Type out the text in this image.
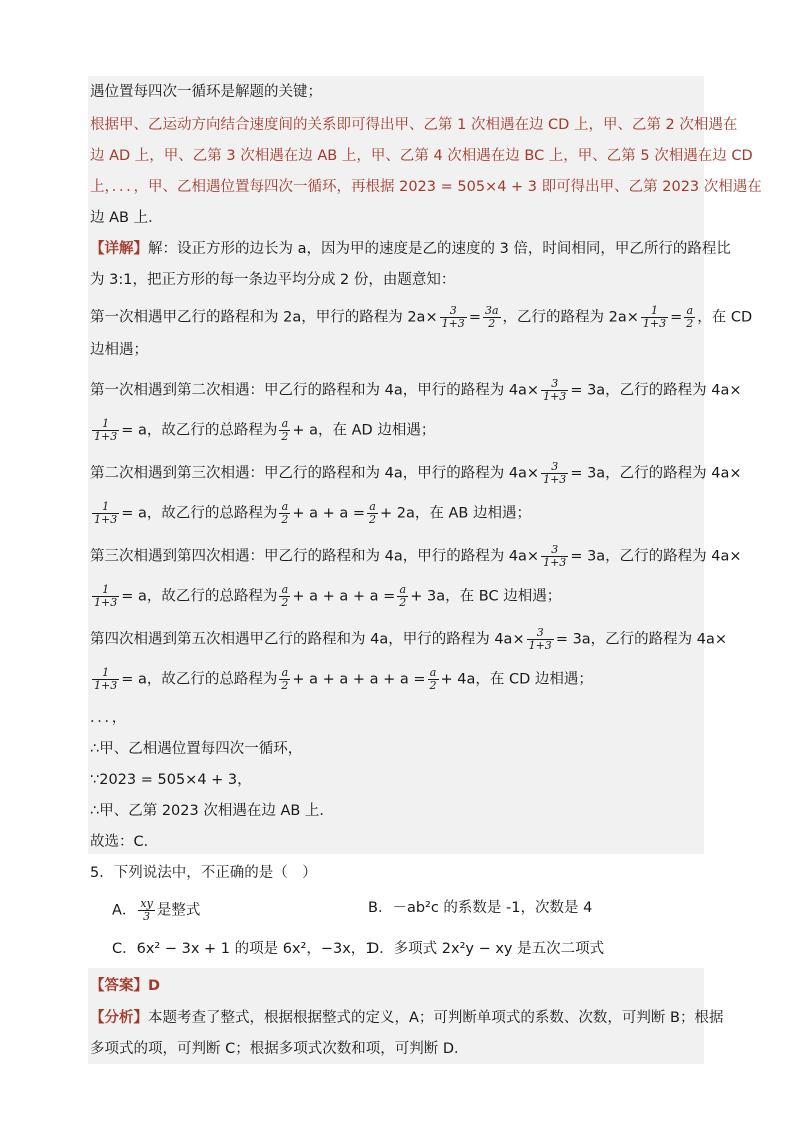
遇位置每四次一循环是解题的关键；
根据甲、乙运动方向结合速度间的关系即可得出甲、乙第 1 次相遇在边 CD 上，甲、乙第 2 次相遇在
边 AD 上，甲、乙第 3 次相遇在边 AB 上，甲、乙第 4 次相遇在边 BC 上，甲、乙第 5 次相遇在边 CD
上，．．．，甲、乙相遇位置每四次一循环，再根据 2023 = 505×4 + 3 即可得出甲、乙第 2023 次相遇在
边 AB 上．
【详解】解：设正方形的边长为 a，因为甲的速度是乙的速度的 3 倍，时间相同，甲乙所行的路程比
为 3:1，把正方形的每一条边平均分成 2 份，由题意知：
第一次相遇甲乙行的路程和为 2a，甲行的路程为 $2a\times \frac{3}{1+3} = \frac{3a}{2}$ ，乙行的路程为 $2a\times \frac{1}{1+3} = \frac{a}{2}$ ，在 CD
边相遇；
第一次相遇到第二次相遇：甲乙行的路程和为 4a，甲行的路程为 $4a\times \frac{3}{1+3} = 3a$，乙行的路程为 4a×
$\frac{1}{1+3} = a$，故乙行的总路程为 $\frac{a}{2} + a$，在 AD 边相遇；
第二次相遇到第三次相遇：甲乙行的路程和为 4a，甲行的路程为 $4a\times \frac{3}{1+3} = 3a$，乙行的路程为 4a×
$\frac{1}{1+3} = a$，故乙行的总路程为 $\frac{a}{2} + a + a = \frac{a}{2} + 2a$，在 AB 边相遇；
第三次相遇到第四次相遇：甲乙行的路程和为 4a，甲行的路程为 $4a\times \frac{3}{1+3} = 3a$，乙行的路程为 4a×
$\frac{1}{1+3} = a$，故乙行的总路程为 $\frac{a}{2} + a + a + a = \frac{a}{2} + 3a$，在 BC 边相遇；
第四次相遇到第五次相遇甲乙行的路程和为 4a，甲行的路程为 $4a\times \frac{3}{1+3} = 3a$，乙行的路程为 4a×
$\frac{1}{1+3} = a$，故乙行的总路程为 $\frac{a}{2} + a + a + a + a = \frac{a}{2} + 4a$，在 CD 边相遇；
．．．，
∴甲、乙相遇位置每四次一循环，
∵2023 = 505×4 + 3，
∴甲、乙第 2023 次相遇在边 AB 上．
故选：C．
5．下列说法中，不正确的是（　）
A． $\frac{xy}{3}$ 是整式	B．－ab²c 的系数是 -1，次数是 4
C．6x² − 3x + 1 的项是 6x²，−3x，1
D．多项式 2x²y − xy 是五次二项式
【答案】D
【分析】本题考查了整式，根据根据整式的定义，A；可判断单项式的系数、次数，可判断 B；根据
多项式的项，可判断 C；根据多项式次数和项，可判断 D．
